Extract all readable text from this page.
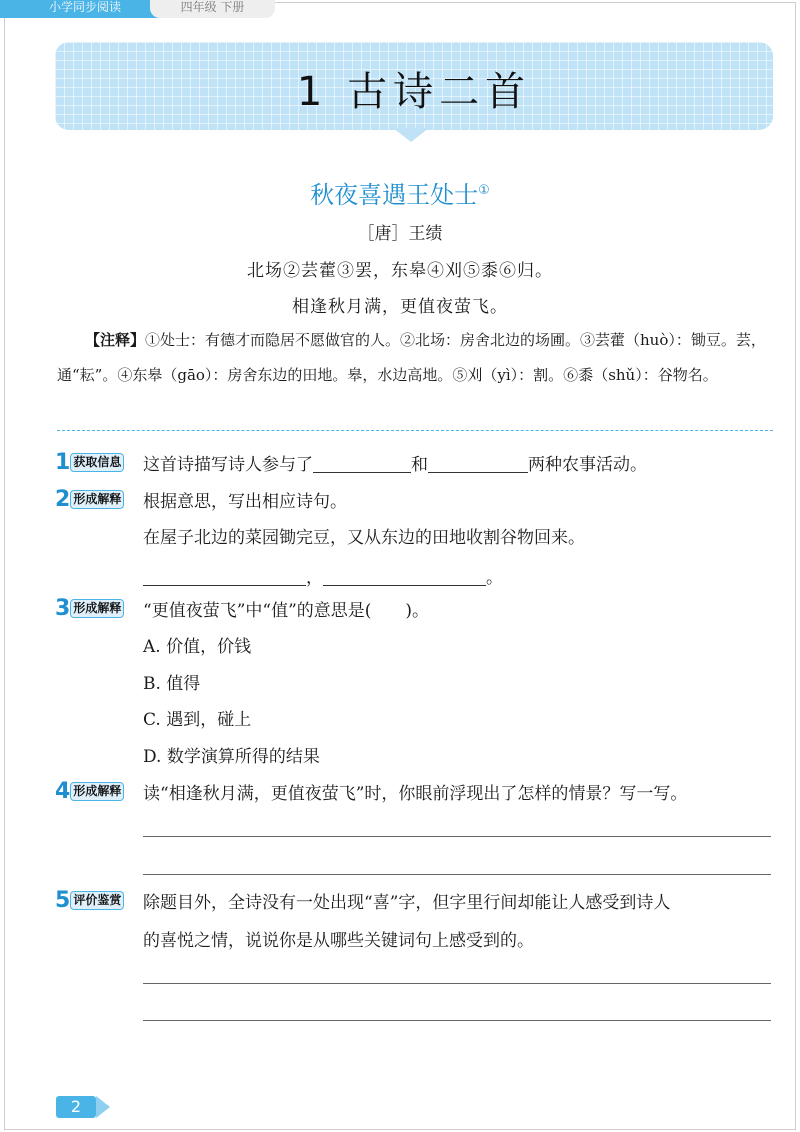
小学同步阅读	四年级 下册
1 古诗二首
秋夜喜遇王处士①
［唐］王绩
北场②芸藿③罢，东皋④刈⑤黍⑥归。
相逢秋月满，更值夜萤飞。
【注释】①处士：有德才而隐居不愿做官的人。②北场：房舍北边的场圃。③芸藿（huò）：锄豆。芸，通“耘”。④东皋（gāo）：房舍东边的田地。皋，水边高地。⑤刈（yì）：割。⑥黍（shǔ）：谷物名。
1 获取信息 这首诗描写诗人参与了	和	两种农事活动。
2 形成解释 根据意思，写出相应诗句。
在屋子北边的菜园锄完豆，又从东边的田地收割谷物回来。
，	。
3 形成解释 “更值夜萤飞”中“值”的意思是(　　)。
A. 价值，价钱
B. 值得
C. 遇到，碰上
D. 数学演算所得的结果
4 形成解释 读“相逢秋月满，更值夜萤飞”时，你眼前浮现出了怎样的情景？写一写。
5 评价鉴赏 除题目外，全诗没有一处出现“喜”字，但字里行间却能让人感受到诗人
的喜悦之情，说说你是从哪些关键词句上感受到的。
2
